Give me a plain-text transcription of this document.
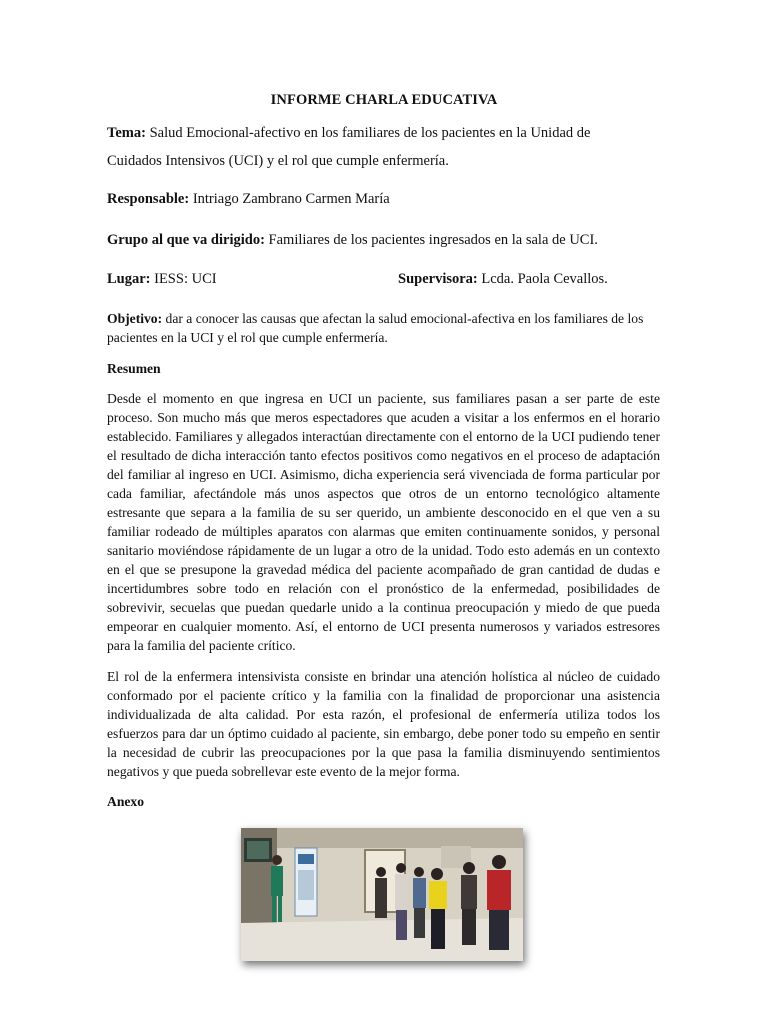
INFORME CHARLA EDUCATIVA
Tema: Salud Emocional-afectivo en los familiares de los pacientes en la Unidad de
Cuidados Intensivos (UCI) y el rol que cumple enfermería.
Responsable: Intriago Zambrano Carmen María
Grupo al que va dirigido: Familiares de los pacientes ingresados en la sala de UCI.
Lugar: IESS: UCI	Supervisora: Lcda. Paola Cevallos.
Objetivo: dar a conocer las causas que afectan la salud emocional-afectiva en los familiares de los
pacientes en la UCI y el rol que cumple enfermería.
Resumen
Desde el momento en que ingresa en UCI un paciente, sus familiares pasan a ser parte de este proceso. Son mucho más que meros espectadores que acuden a visitar a los enfermos en el horario establecido. Familiares y allegados interactúan directamente con el entorno de la UCI pudiendo tener el resultado de dicha interacción tanto efectos positivos como negativos en el proceso de adaptación del familiar al ingreso en UCI. Asimismo, dicha experiencia será vivenciada de forma particular por cada familiar, afectándole más unos aspectos que otros de un entorno tecnológico altamente estresante que separa a la familia de su ser querido, un ambiente desconocido en el que ven a su familiar rodeado de múltiples aparatos con alarmas que emiten continuamente sonidos, y personal sanitario moviéndose rápidamente de un lugar a otro de la unidad. Todo esto además en un contexto en el que se presupone la gravedad médica del paciente acompañado de gran cantidad de dudas e incertidumbres sobre todo en relación con el pronóstico de la enfermedad, posibilidades de sobrevivir, secuelas que puedan quedarle unido a la continua preocupación y miedo de que pueda empeorar en cualquier momento. Así, el entorno de UCI presenta numerosos y variados estresores para la familia del paciente crítico.
El rol de la enfermera intensivista consiste en brindar una atención holística al núcleo de cuidado conformado por el paciente crítico y la familia con la finalidad de proporcionar una asistencia individualizada de alta calidad. Por esta razón, el profesional de enfermería utiliza todos los esfuerzos para dar un óptimo cuidado al paciente, sin embargo, debe poner todo su empeño en sentir la necesidad de cubrir las preocupaciones por la que pasa la familia disminuyendo sentimientos negativos y que pueda sobrellevar este evento de la mejor forma.
Anexo
